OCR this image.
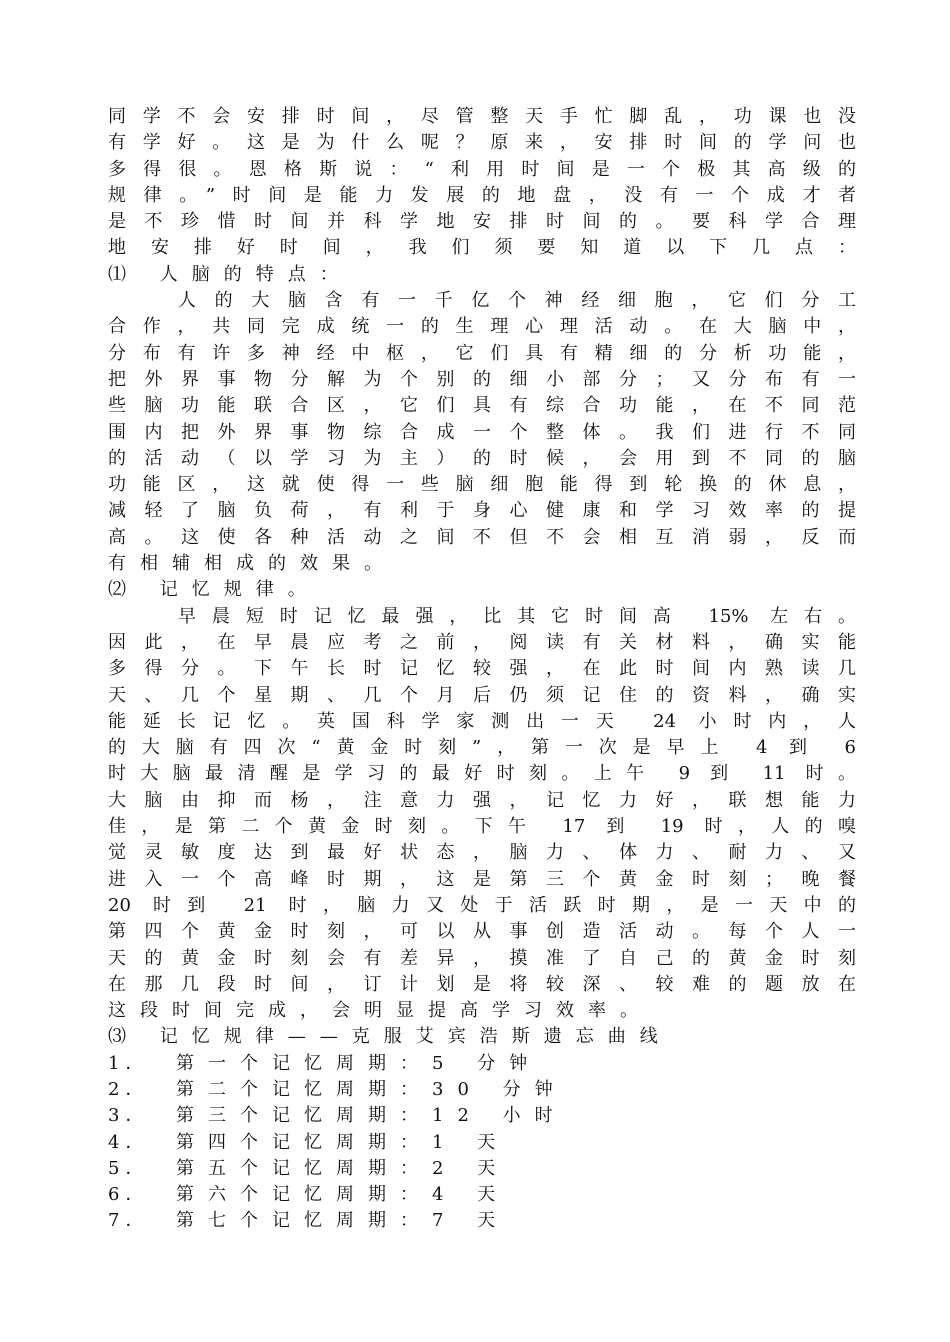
同学不会安排时间，尽管整天手忙脚乱，功课也没
有学好。这是为什么呢？原来，安排时间的学问也
多得很。恩格斯说：“利用时间是一个极其高级的
规律。”时间是能力发展的地盘，没有一个成才者
是不珍惜时间并科学地安排时间的。要科学合理
地安排好时间，我们须要知道以下几点：
⑴ 人脑的特点：
人的大脑含有一千亿个神经细胞，它们分工
合作，共同完成统一的生理心理活动。在大脑中，
分布有许多神经中枢，它们具有精细的分析功能，
把外界事物分解为个别的细小部分；又分布有一
些脑功能联合区，它们具有综合功能，在不同范
围内把外界事物综合成一个整体。我们进行不同
的活动（以学习为主）的时候，会用到不同的脑
功能区，这就使得一些脑细胞能得到轮换的休息，
减轻了脑负荷，有利于身心健康和学习效率的提
高。这使各种活动之间不但不会相互消弱，反而
有相辅相成的效果。
⑵ 记忆规律。
早晨短时记忆最强，比其它时间高 15% 左右。
因此，在早晨应考之前，阅读有关材料，确实能
多得分。下午长时记忆较强，在此时间内熟读几
天、几个星期、几个月后仍须记住的资料，确实
能延长记忆。英国科学家测出一天 24 小时内，人
的大脑有四次“黄金时刻”，第一次是早上 4 到 6
时大脑最清醒是学习的最好时刻。上午 9 到 11 时。
大脑由抑而杨，注意力强，记忆力好，联想能力
佳，是第二个黄金时刻。下午 17 到 19 时，人的嗅
觉灵敏度达到最好状态，脑力、体力、耐力、又
进入一个高峰时期，这是第三个黄金时刻；晚餐
20 时到 21 时，脑力又处于活跃时期，是一天中的
第四个黄金时刻，可以从事创造活动。每个人一
天的黄金时刻会有差异，摸准了自己的黄金时刻
在那几段时间，订计划是将较深、较难的题放在
这段时间完成，会明显提高学习效率。
⑶ 记忆规律——克服艾宾浩斯遗忘曲线
1．	第一个记忆周期：5 分钟
2．	第二个记忆周期：30 分钟
3．	第三个记忆周期：12 小时
4．	第四个记忆周期：1 天
5．	第五个记忆周期：2 天
6．	第六个记忆周期：4 天
7．	第七个记忆周期：7 天
